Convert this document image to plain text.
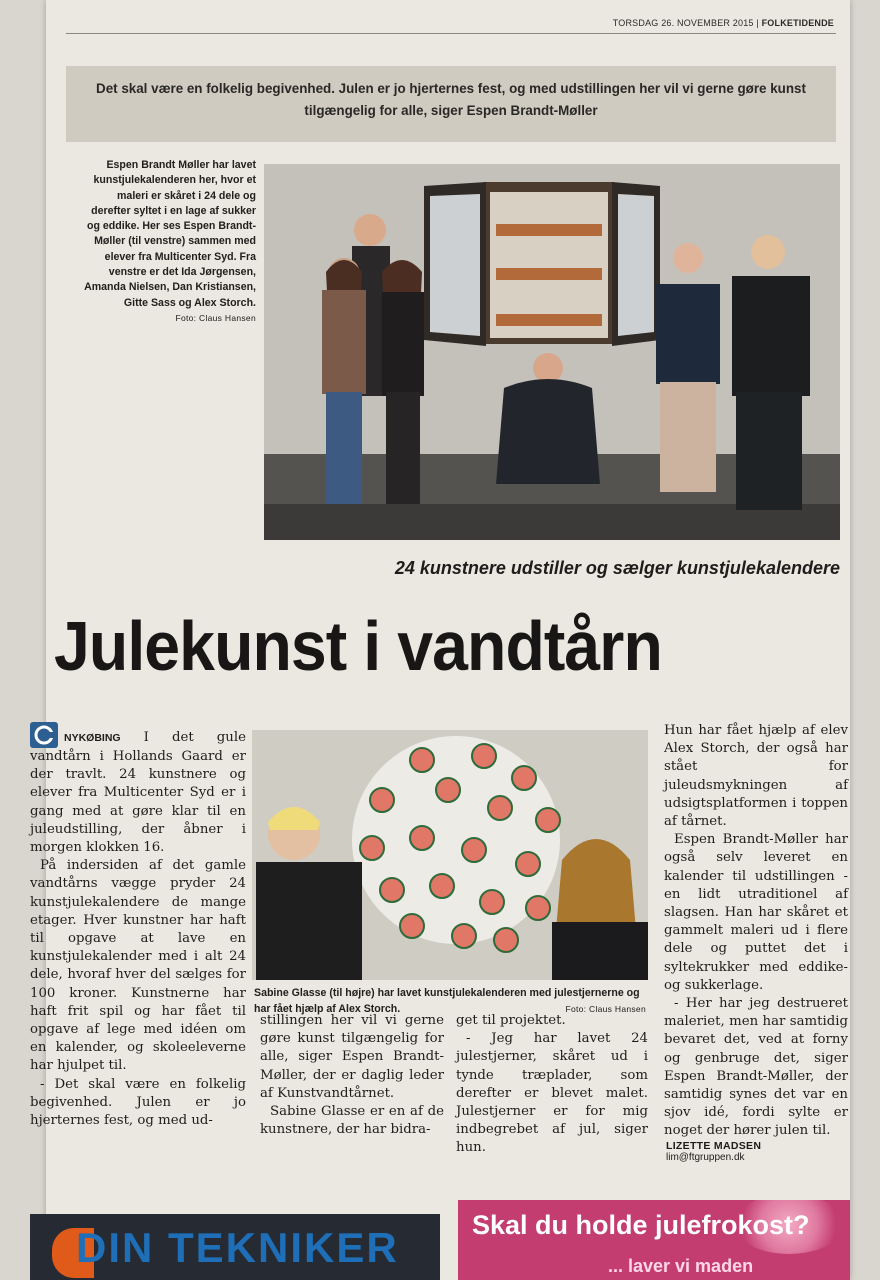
TORSDAG 26. NOVEMBER 2015 | FOLKETIDENDE
Det skal være en folkelig begivenhed. Julen er jo hjerternes fest, og med udstillingen her vil vi gerne gøre kunst tilgængelig for alle, siger Espen Brandt-Møller
Espen Brandt Møller har lavet kunstjulekalenderen her, hvor et maleri er skåret i 24 dele og derefter syltet i en lage af sukker og eddike. Her ses Espen Brandt-Møller (til venstre) sammen med elever fra Multicenter Syd. Fra venstre er det Ida Jørgensen, Amanda Nielsen, Dan Kristiansen, Gitte Sass og Alex Storch.
Foto: Claus Hansen
24 kunstnere udstiller og sælger kunstjulekalendere
Julekunst i vandtårn

NYKØBING I det gule vandtårn i Hollands Gaard er der travlt. 24 kunstnere og elever fra Multicenter Syd er i gang med at gøre klar til en juleudstilling, der åbner i morgen klokken 16.

På indersiden af det gamle vandtårns vægge pryder 24 kunstjulekalendere de mange etager. Hver kunstner har haft til opgave at lave en kunstjulekalender med i alt 24 dele, hvoraf hver del sælges for 100 kroner. Kunstnerne har haft frit spil og har fået til opgave af lege med idéen om en kalender, og skoleeleverne har hjulpet til.

- Det skal være en folkelig begivenhed. Julen er jo hjerternes fest, og med ud-

Sabine Glasse (til højre) har lavet kunstjulekalenderen med julestjernerne og har fået hjælp af Alex Storch.	Foto: Claus Hansen

stillingen her vil vi gerne gøre kunst tilgængelig for alle, siger Espen Brandt-Møller, der er daglig leder af Kunstvandtårnet.

Sabine Glasse er en af de kunstnere, der har bidra-

get til projektet.

- Jeg har lavet 24 julestjerner, skåret ud i tynde træplader, som derefter er blevet malet. Julestjerner er for mig indbegrebet af jul, siger hun.

Hun har fået hjælp af elev Alex Storch, der også har stået for juleudsmykningen af udsigtsplatformen i toppen af tårnet.

Espen Brandt-Møller har også selv leveret en kalender til udstillingen - en lidt utraditionel af slagsen. Han har skåret et gammelt maleri ud i flere dele og puttet det i syltekrukker med eddike- og sukkerlage.

- Her har jeg destrueret maleriet, men har samtidig bevaret det, ved at forny og genbruge det, siger Espen Brandt-Møller, der samtidig synes det var en sjov idé, fordi sylte er noget der hører julen til.

LIZETTE MADSEN
lim@ftgruppen.dk
DIN TEKNIKER	Skal du holde julefrokost?
... laver vi maden
